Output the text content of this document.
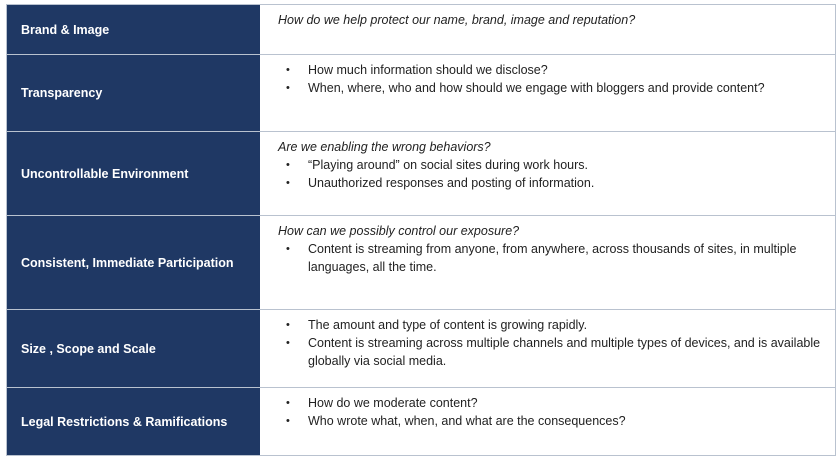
Brand & Image

How do we help protect our name, brand, image and reputation?

Transparency
• How much information should we disclose?
• When, where, who and how should we engage with bloggers and provide content?
Uncontrollable Environment

Are we enabling the wrong behaviors?

• “Playing around” on social sites during work hours.
• Unauthorized responses and posting of information.
Consistent, Immediate Participation

How can we possibly control our exposure?

• Content is streaming from anyone, from anywhere, across thousands of sites, in multiple languages, all the time.
Size , Scope and Scale
• The amount and type of content is growing rapidly.
• Content is streaming across multiple channels and multiple types of devices, and is available globally via social media.
Legal Restrictions & Ramifications
• How do we moderate content?
• Who wrote what, when, and what are the consequences?
